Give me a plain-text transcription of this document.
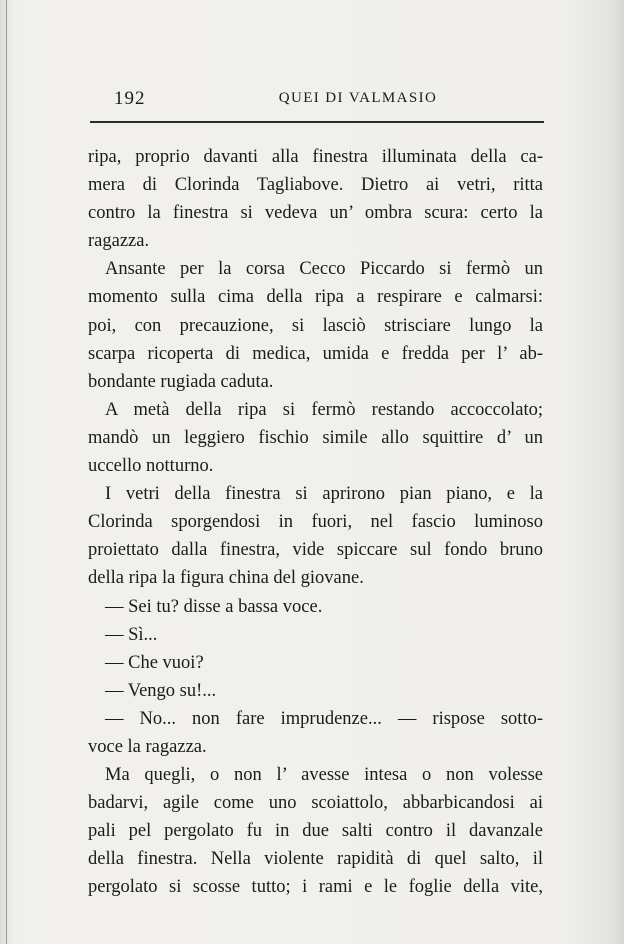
192	QUEI DI VALMASIO
ripa, proprio davanti alla finestra illuminata della ca-
mera di Clorinda Tagliabove. Dietro ai vetri, ritta
contro la finestra si vedeva un’ ombra scura: certo la
ragazza.
Ansante per la corsa Cecco Piccardo si fermò un
momento sulla cima della ripa a respirare e calmarsi:
poi, con precauzione, si lasciò strisciare lungo la
scarpa ricoperta di medica, umida e fredda per l’ ab-
bondante rugiada caduta.
A metà della ripa si fermò restando accoccolato;
mandò un leggiero fischio simile allo squittire d’ un
uccello notturno.
I vetri della finestra si aprirono pian piano, e la
Clorinda sporgendosi in fuori, nel fascio luminoso
proiettato dalla finestra, vide spiccare sul fondo bruno
della ripa la figura china del giovane.
— Sei tu? disse a bassa voce.
— Sì...
— Che vuoi?
— Vengo su!...
— No... non fare imprudenze... — rispose sotto-
voce la ragazza.
Ma quegli, o non l’ avesse intesa o non volesse
badarvi, agile come uno scoiattolo, abbarbicandosi ai
pali pel pergolato fu in due salti contro il davanzale
della finestra. Nella violente rapidità di quel salto, il
pergolato si scosse tutto; i rami e le foglie della vite,
